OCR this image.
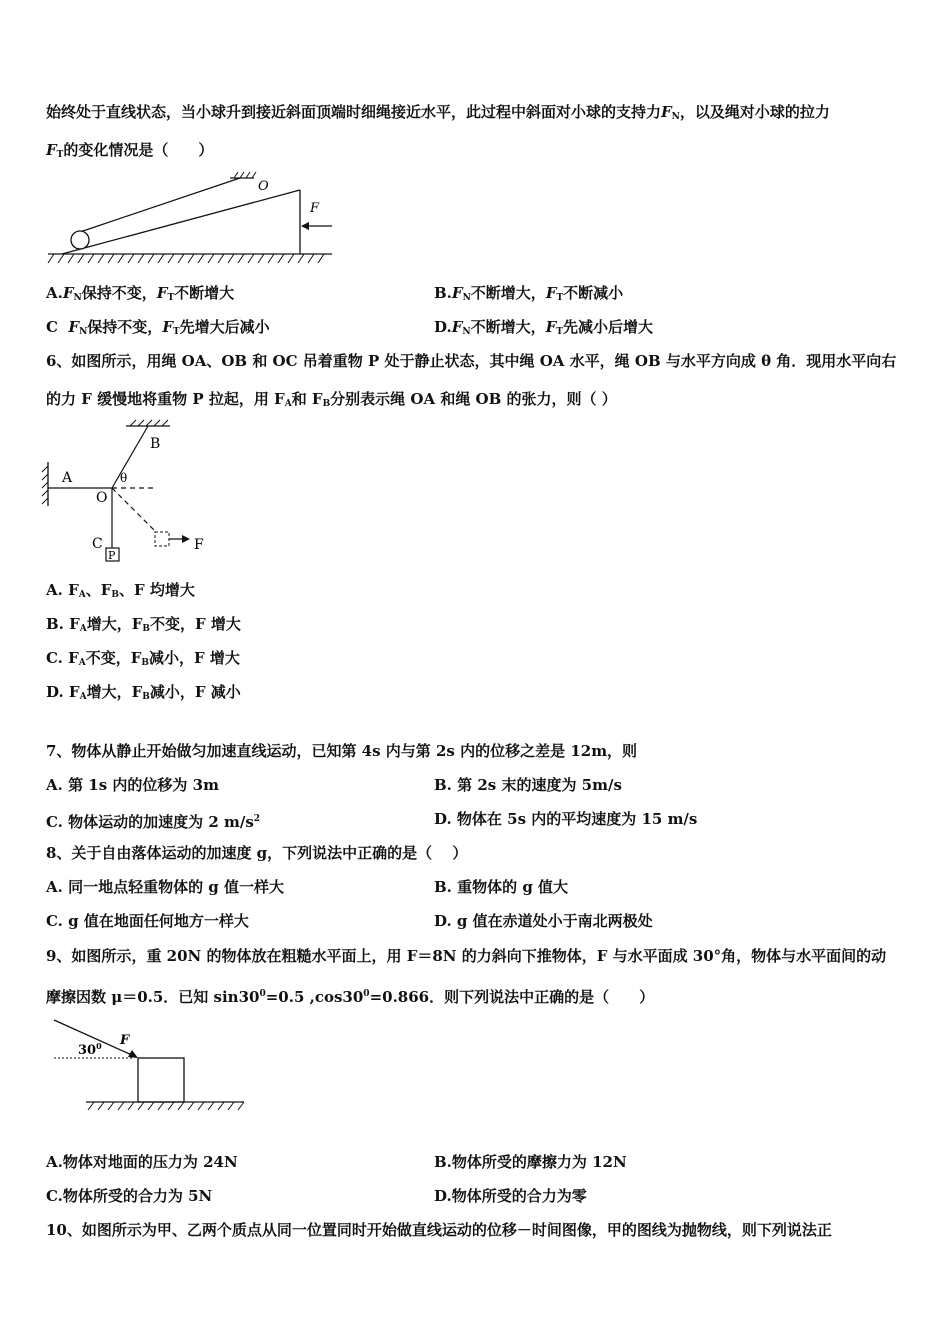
始终处于直线状态，当小球升到接近斜面顶端时细绳接近水平，此过程中斜面对小球的支持力$F_N$，以及绳对小球的拉力
$F_T$的变化情况是（　　）
O
F
$A.F_N$保持不变，$F_T$不断增大	$B.F_N$不断增大，$F_T$不断减小
C $F_N$保持不变，$F_T$先增大后减小	$D.F_N$不断增大，$F_T$先减小后增大
6、如图所示，用绳 OA、OB 和 OC 吊着重物 P 处于静止状态，其中绳 OA 水平，绳 OB 与水平方向成 θ 角．现用水平向右
的力 F 缓慢地将重物 P 拉起，用 $F_A$和 $F_B$分别表示绳 OA 和绳 OB 的张力，则（ ）
P
A
B
O
θ
C	F
A. $F_A$、$F_B$、F 均增大
B. $F_A$增大，$F_B$不变，F 增大
C. $F_A$不变，$F_B$减小，F 增大
D. $F_A$增大，$F_B$减小，F 减小
7、物体从静止开始做匀加速直线运动，已知第 4s 内与第 2s 内的位移之差是 12m，则
A. 第 1s 内的位移为 3m	B. 第 2s 末的速度为 5m/s
C. 物体运动的加速度为 2 $m/s^2$	D. 物体在 5s 内的平均速度为 15 m/s
8、关于自由落体运动的加速度 g，下列说法中正确的是（　 ）
A. 同一地点轻重物体的 g 值一样大	B. 重物体的 g 值大
C. g 值在地面任何地方一样大	D. g 值在赤道处小于南北两极处
9、如图所示，重 20N 的物体放在粗糙水平面上，用 F＝8N 的力斜向下推物体，F 与水平面成 30°角，物体与水平面间的动
摩擦因数 μ＝0.5．已知 $\sin 30^0=0.5$ $,\cos 30^0=0.866$．则下列说法中正确的是（　　）
$30^0$ F
A.物体对地面的压力为 24N	B.物体所受的摩擦力为 12N
C.物体所受的合力为 5N	D.物体所受的合力为零
10、如图所示为甲、乙两个质点从同一位置同时开始做直线运动的位移－时间图像，甲的图线为抛物线，则下列说法正
